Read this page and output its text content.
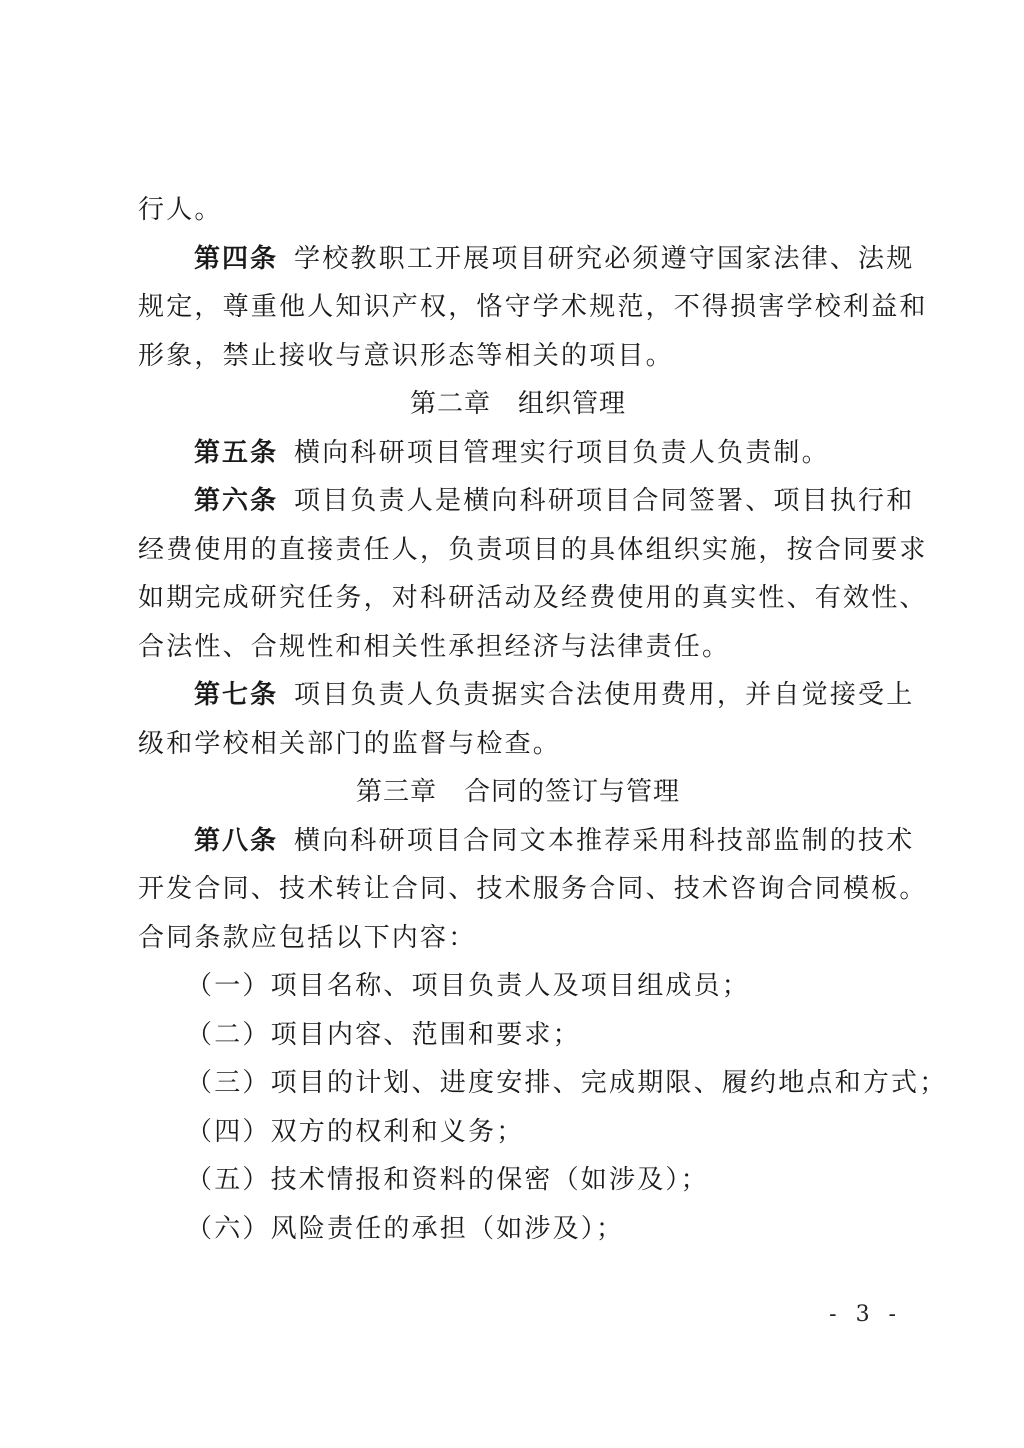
行人。
第四条 学校教职工开展项目研究必须遵守国家法律、法规
规定，尊重他人知识产权，恪守学术规范，不得损害学校利益和
形象，禁止接收与意识形态等相关的项目。
第二章　组织管理
第五条 横向科研项目管理实行项目负责人负责制。
第六条 项目负责人是横向科研项目合同签署、项目执行和
经费使用的直接责任人，负责项目的具体组织实施，按合同要求
如期完成研究任务，对科研活动及经费使用的真实性、有效性、
合法性、合规性和相关性承担经济与法律责任。
第七条 项目负责人负责据实合法使用费用，并自觉接受上
级和学校相关部门的监督与检查。
第三章　合同的签订与管理
第八条 横向科研项目合同文本推荐采用科技部监制的技术
开发合同、技术转让合同、技术服务合同、技术咨询合同模板。
合同条款应包括以下内容：
（一）项目名称、项目负责人及项目组成员；
（二）项目内容、范围和要求；
（三）项目的计划、进度安排、完成期限、履约地点和方式；
（四）双方的权利和义务；
（五）技术情报和资料的保密（如涉及）；
（六）风险责任的承担（如涉及）；
- 3 -
